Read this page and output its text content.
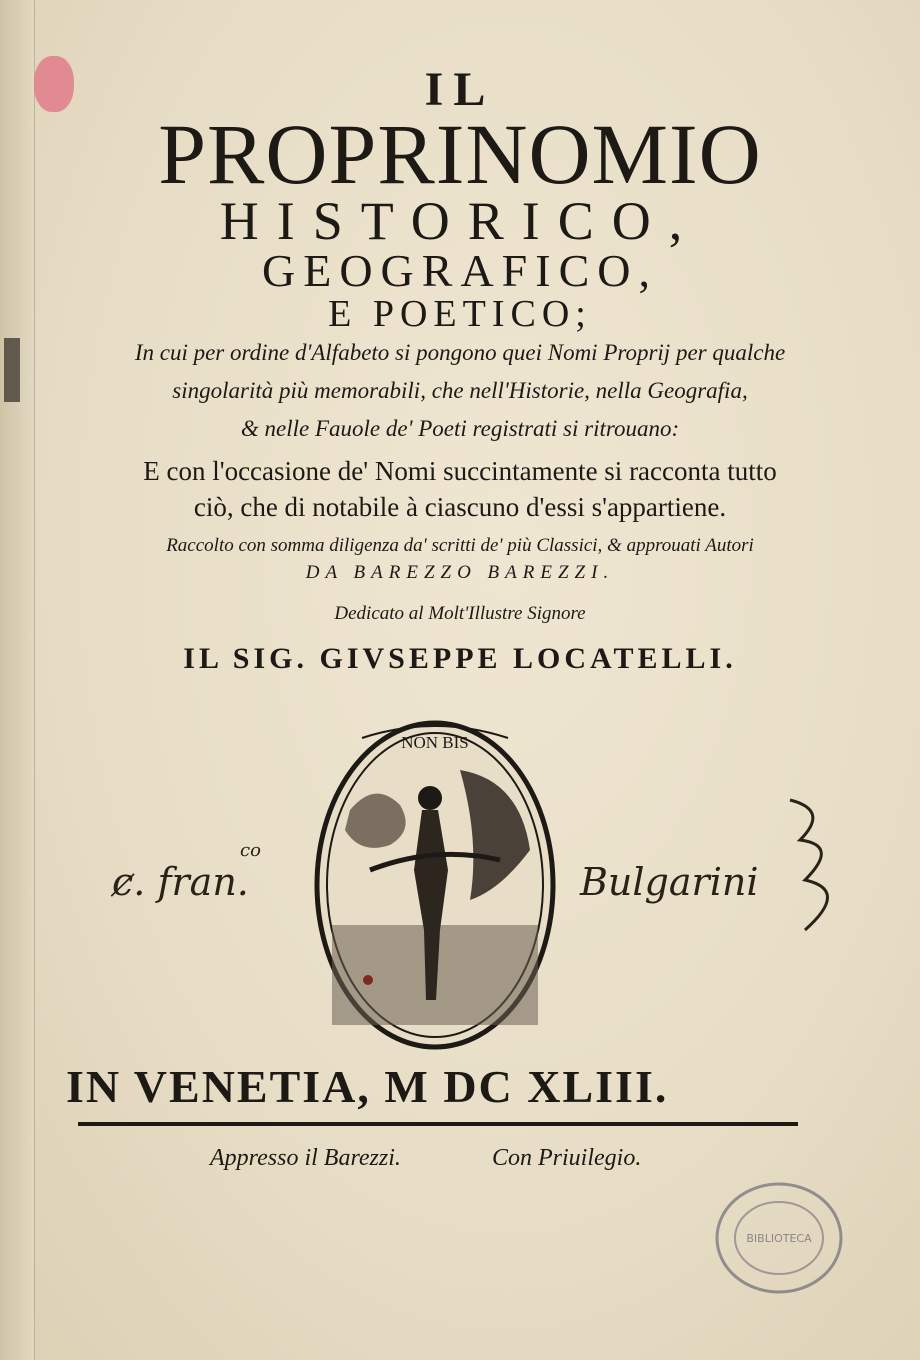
IL
PROPRINOMIO
HISTORICO,
GEOGRAFICO,
E POETICO;
In cui per ordine d'Alfabeto si pongono quei Nomi Proprij per qualche
singolarità più memorabili, che nell'Historie, nella Geografia,
& nelle Fauole de' Poeti registrati si ritrouano:
E con l'occasione de' Nomi succintamente si racconta tutto
ciò, che di notabile à ciascuno d'essi s'appartiene.
Raccolto con somma diligenza da' scritti de' più Classici, & approuati Autori
DA BAREZZO BAREZZI.
Dedicato al Molt'Illustre Signore
IL SIG. GIVSEPPE LOCATELLI.
NON BIS
ȼ. fran.
co
Bulgarini
IN VENETIA, M DC XLIII.
Appresso il Barezzi.	Con Priuilegio.
BIBLIOTECA
